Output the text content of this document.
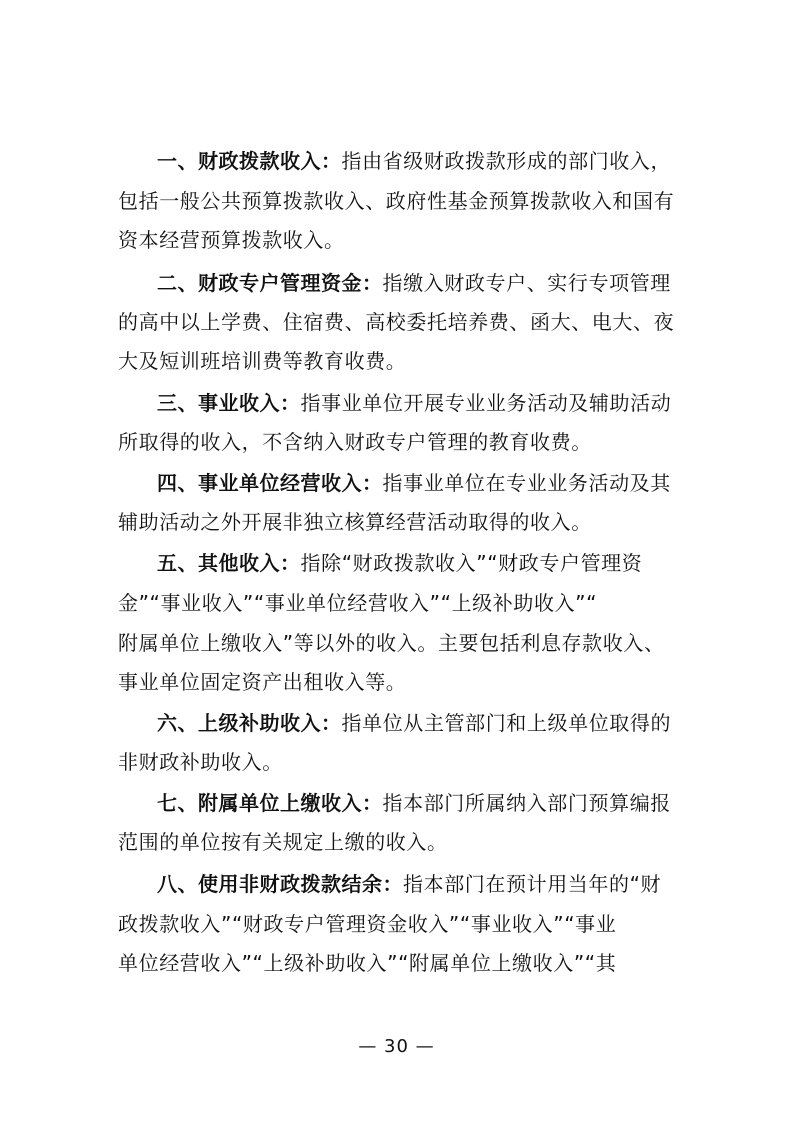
一、财政拨款收入：指由省级财政拨款形成的部门收入，
包括一般公共预算拨款收入、政府性基金预算拨款收入和国有
资本经营预算拨款收入。
二、财政专户管理资金：指缴入财政专户、实行专项管理
的高中以上学费、住宿费、高校委托培养费、函大、电大、夜
大及短训班培训费等教育收费。
三、事业收入：指事业单位开展专业业务活动及辅助活动
所取得的收入，不含纳入财政专户管理的教育收费。
四、事业单位经营收入：指事业单位在专业业务活动及其
辅助活动之外开展非独立核算经营活动取得的收入。
五、其他收入：指除“财政拨款收入”“财政专户管理资
金”“事业收入”“事业单位经营收入”“上级补助收入”“
附属单位上缴收入”等以外的收入。主要包括利息存款收入、
事业单位固定资产出租收入等。
六、上级补助收入：指单位从主管部门和上级单位取得的
非财政补助收入。
七、附属单位上缴收入：指本部门所属纳入部门预算编报
范围的单位按有关规定上缴的收入。
八、使用非财政拨款结余：指本部门在预计用当年的“财
政拨款收入”“财政专户管理资金收入”“事业收入”“事业
单位经营收入”“上级补助收入”“附属单位上缴收入”“其
— 30 —
